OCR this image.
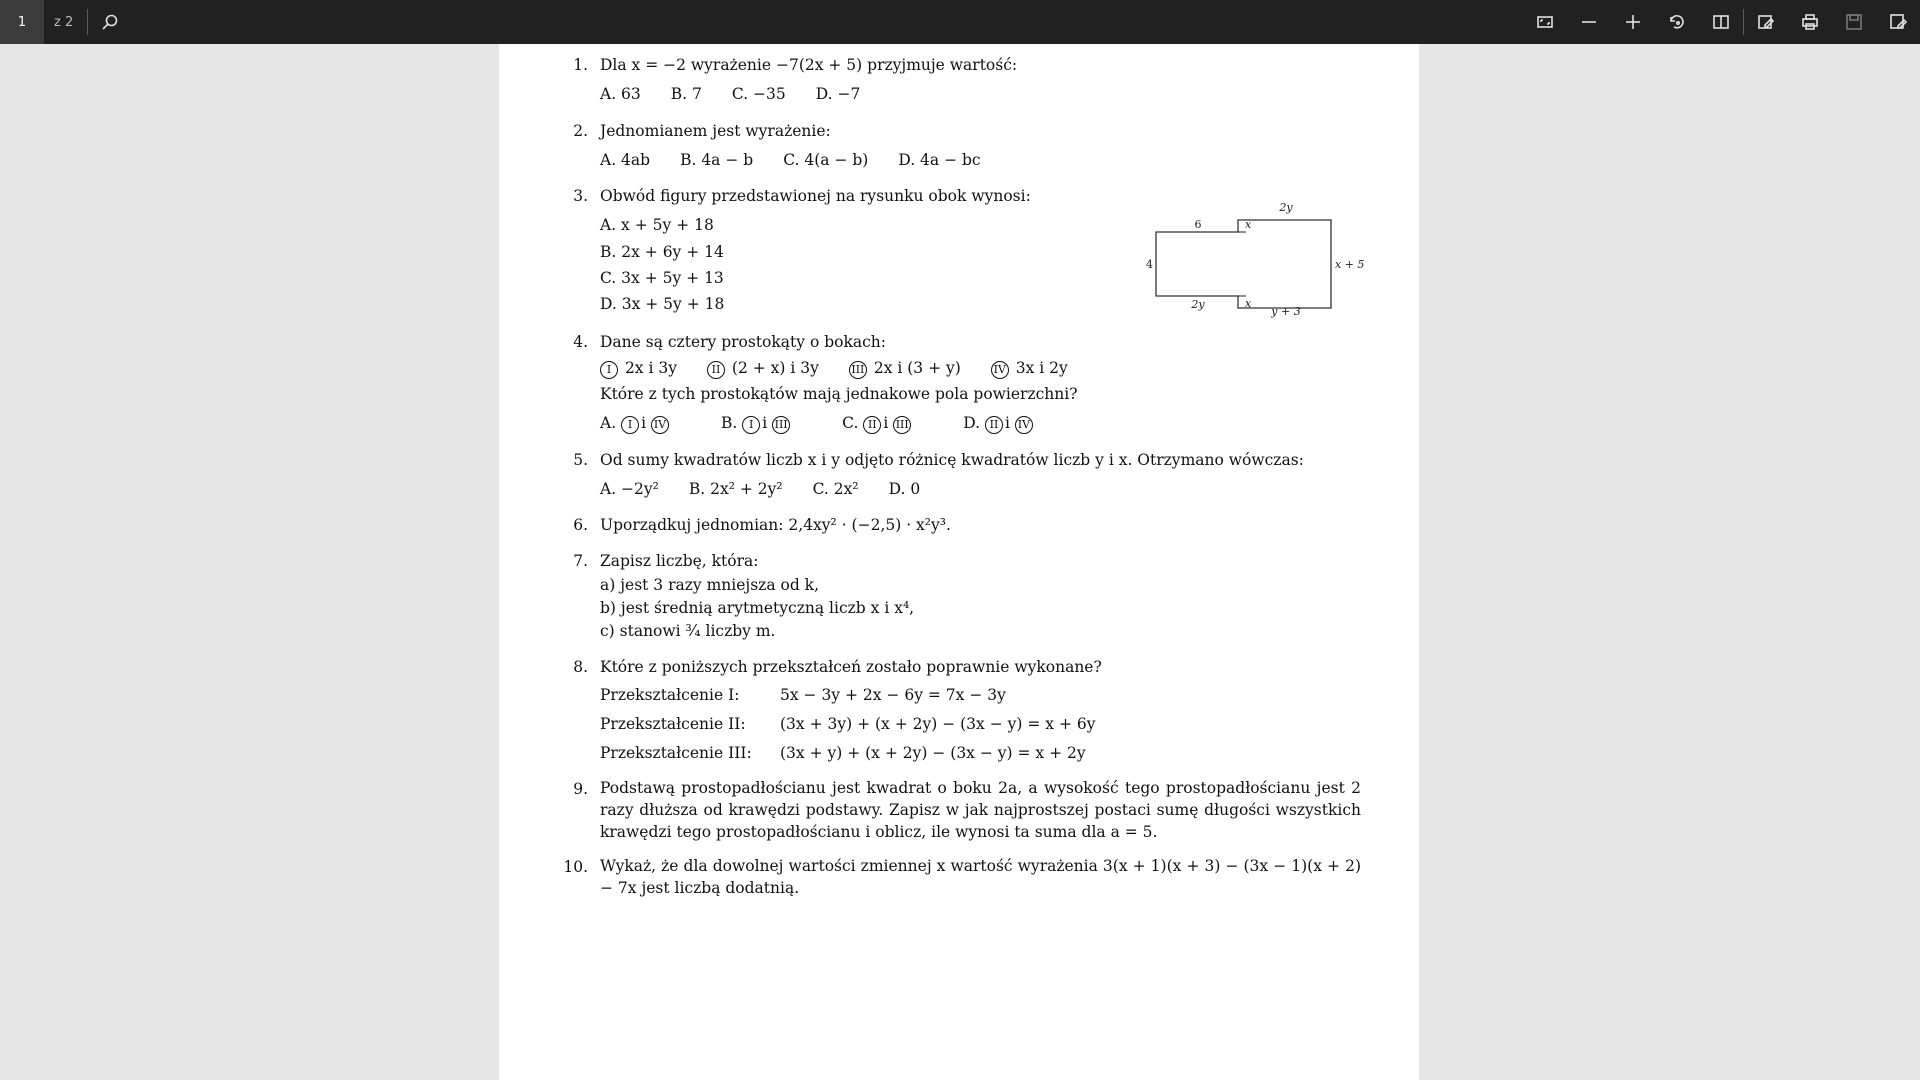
1	z 2
1. Dla x = −2 wyrażenie −7(2x + 5) przyjmuje wartość:
A. 63 B. 7 C. −35 D. −7
2. Jednomianem jest wyrażenie:
A. 4ab B. 4a − b C. 4(a − b) D. 4a − bc
3. Obwód figury przedstawionej na rysunku obok wynosi:
A. x + 5y + 18
B. 2x + 6y + 14
C. 3x + 5y + 13
D. 3x + 5y + 18
4. Dane są cztery prostokąty o bokach:
I 2x i 3y	II (2 + x) i 3y	III 2x i (3 + y)	IV 3x i 2y
Które z tych prostokątów mają jednakowe pola powierzchni?
A. I i IV	B. I i III	C. II i III	D. II i IV
5. Od sumy kwadratów liczb x i y odjęto różnicę kwadratów liczb y i x. Otrzymano wówczas:
A. −2y² B. 2x² + 2y² C. 2x² D. 0
6. Uporządkuj jednomian: 2,4xy² · (−2,5) · x²y³.
7. Zapisz liczbę, która:
a) jest 3 razy mniejsza od k,
b) jest średnią arytmetyczną liczb x i x⁴,
c) stanowi ³⁄₄ liczby m.
8. Które z poniższych przekształceń zostało poprawnie wykonane?
Przekształcenie I:	5x − 3y + 2x − 6y = 7x − 3y
Przekształcenie II:	(3x + 3y) + (x + 2y) − (3x − y) = x + 6y
Przekształcenie III:	(3x + y) + (x + 2y) − (3x − y) = x + 2y
9. Podstawą prostopadłościanu jest kwadrat o boku 2a, a wysokość tego prostopadłościanu jest 2 razy dłuższa od krawędzi podstawy. Zapisz w jak najprostszej postaci sumę długości wszystkich krawędzi tego prostopadłościanu i oblicz, ile wynosi ta suma dla a = 5.
10. Wykaż, że dla dowolnej wartości zmiennej x wartość wyrażenia 3(x + 1)(x + 3) − (3x − 1)(x + 2) − 7x jest liczbą dodatnią.
6
2y
x
4	x + 5
2y	x
y + 3
